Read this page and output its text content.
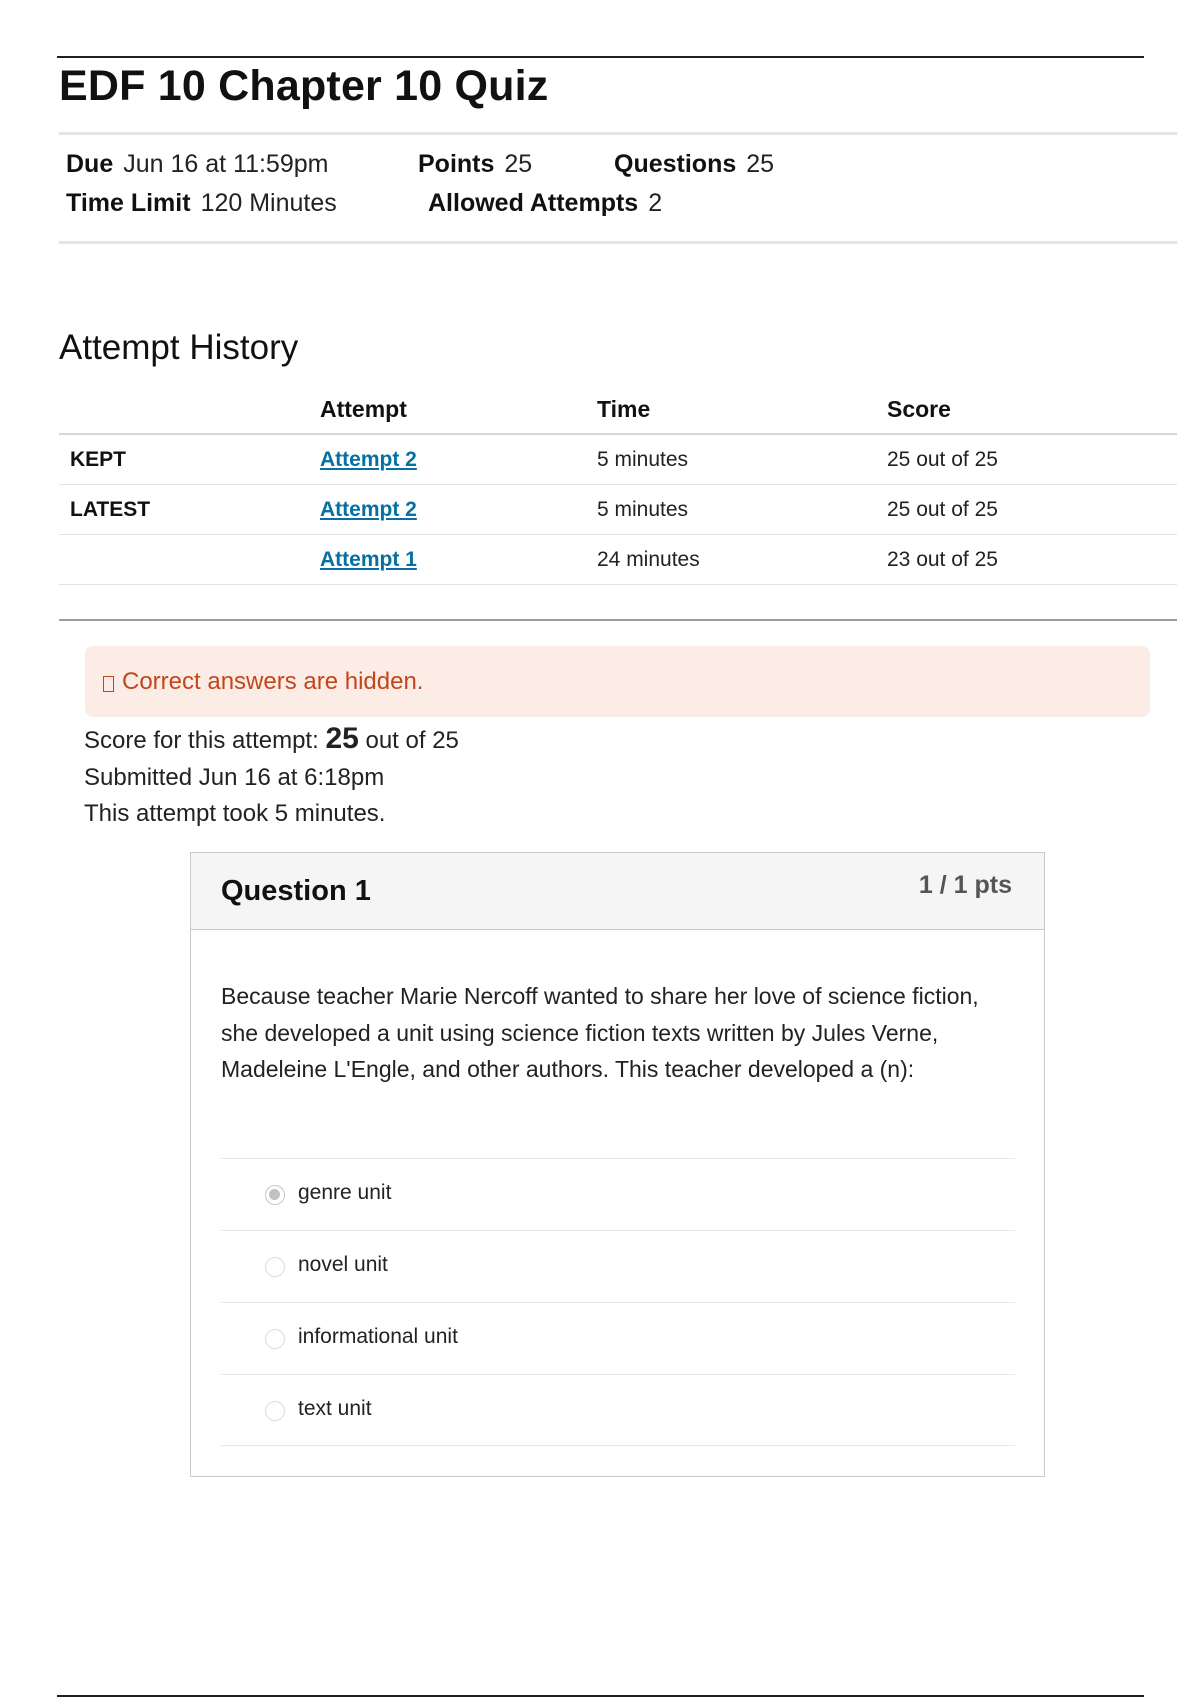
EDF 10 Chapter 10 Quiz
Due Jun 16 at 11:59pm	Points 25	Questions 25
Time Limit 120 Minutes	Allowed Attempts 2
Attempt History
	Attempt	Time	Score
KEPT	Attempt 2	5 minutes	25 out of 25
LATEST	Attempt 2	5 minutes	25 out of 25
	Attempt 1	24 minutes	23 out of 25
Correct answers are hidden.
Score for this attempt: 25 out of 25
Submitted Jun 16 at 6:18pm
This attempt took 5 minutes.
Question 1	1 / 1 pts

Because teacher Marie Nercoff wanted to share her love of science fiction, she developed a unit using science fiction texts written by Jules Verne, Madeleine L'Engle, and other authors. This teacher developed a (n):

genre unit
novel unit
informational unit
text unit
